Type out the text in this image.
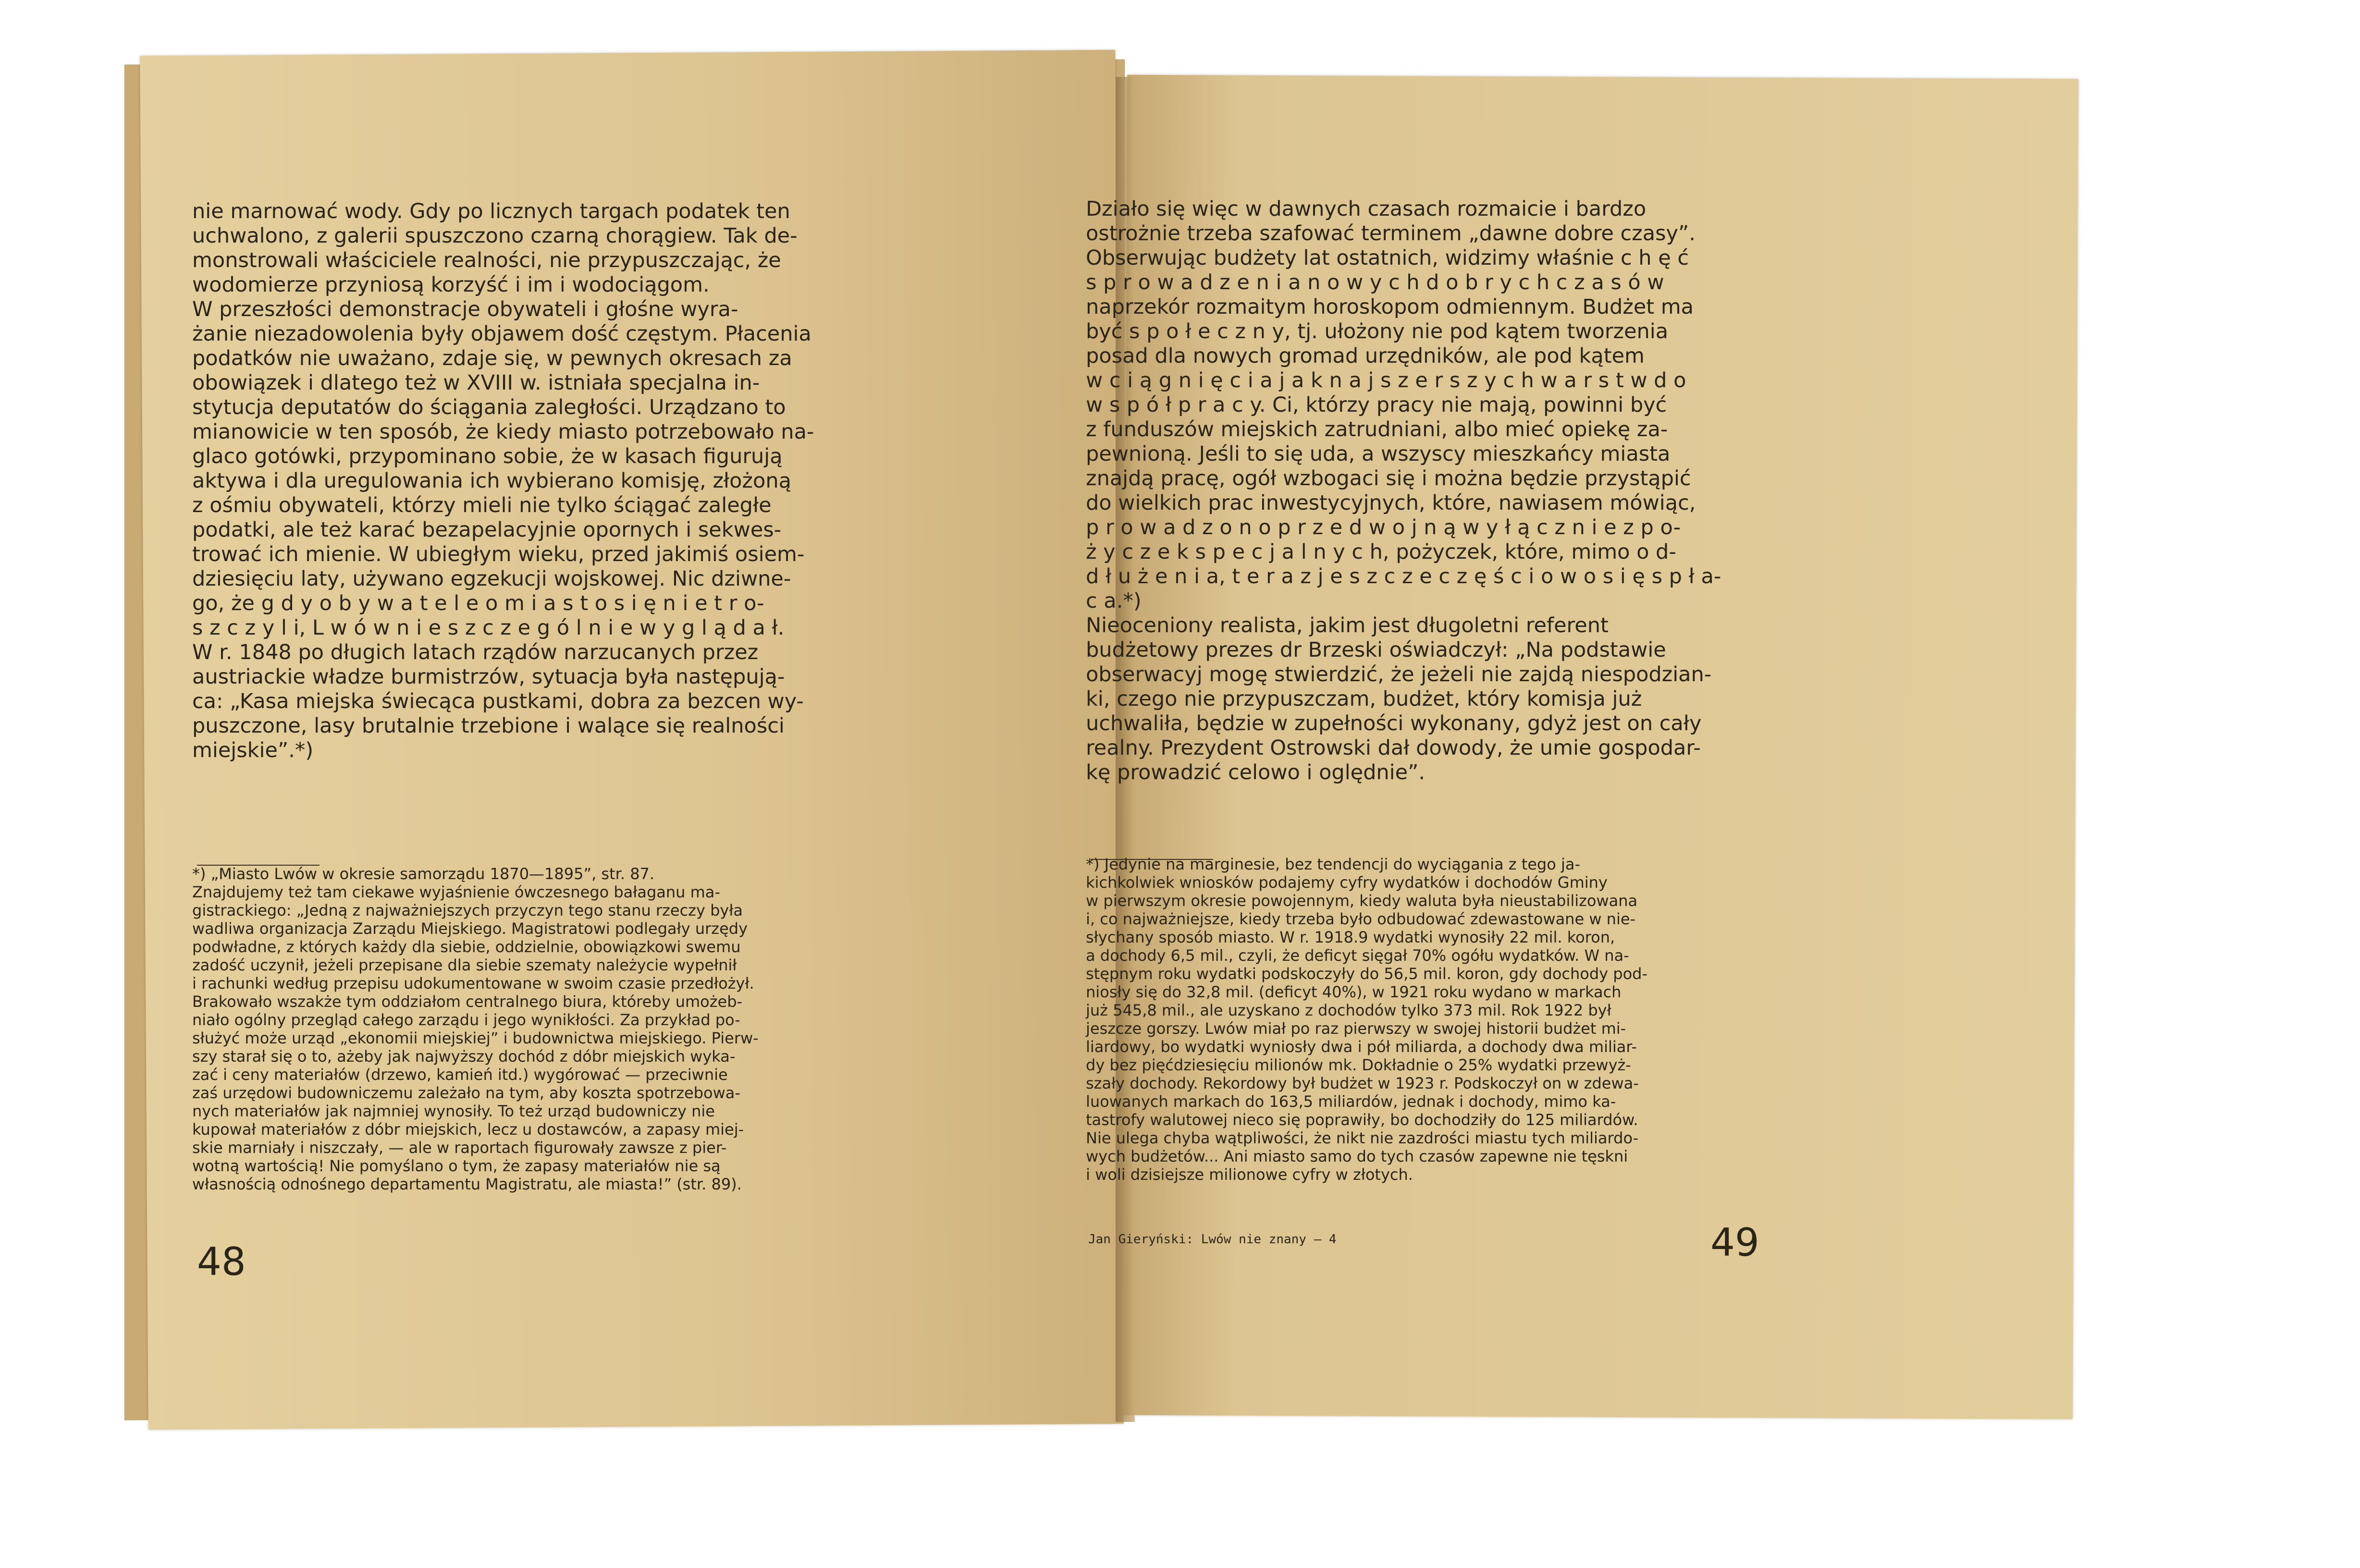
nie marnować wody. Gdy po licznych targach podatek ten
uchwalono, z galerii spuszczono czarną chorągiew. Tak de-
monstrowali właściciele realności, nie przypuszczając, że
wodomierze przyniosą korzyść i im i wodociągom.
W przeszłości demonstracje obywateli i głośne wyra-
żanie niezadowolenia były objawem dość częstym. Płacenia
podatków nie uważano, zdaje się, w pewnych okresach za
obowiązek i dlatego też w XVIII w. istniała specjalna in-
stytucja deputatów do ściągania zaległości. Urządzano to
mianowicie w ten sposób, że kiedy miasto potrzebowało na-
glaco gotówki, przypominano sobie, że w kasach figurują
aktywa i dla uregulowania ich wybierano komisję, złożoną
z ośmiu obywateli, którzy mieli nie tylko ściągać zaległe
podatki, ale też karać bezapelacyjnie opornych i sekwes-
trować ich mienie. W ubiegłym wieku, przed jakimiś osiem-
dziesięciu laty, używano egzekucji wojskowej. Nic dziwne-
go, że g d y o b y w a t e l e o m i a s t o s i ę n i e t r o-
s z c z y l i, L w ó w n i e s z c z e g ó l n i e w y g l ą d a ł.
W r. 1848 po długich latach rządów narzucanych przez
austriackie władze burmistrzów, sytuacja była następują-
ca: „Kasa miejska świecąca pustkami, dobra za bezcen wy-
puszczone, lasy brutalnie trzebione i walące się realności
miejskie”.*)
*) „Miasto Lwów w okresie samorządu 1870—1895”, str. 87.
Znajdujemy też tam ciekawe wyjaśnienie ówczesnego bałaganu ma-
gistrackiego: „Jedną z najważniejszych przyczyn tego stanu rzeczy była
wadliwa organizacja Zarządu Miejskiego. Magistratowi podlegały urzędy
podwładne, z których każdy dla siebie, oddzielnie, obowiązkowi swemu
zadość uczynił, jeżeli przepisane dla siebie szematy należycie wypełnił
i rachunki według przepisu udokumentowane w swoim czasie przedłożył.
Brakowało wszakże tym oddziałom centralnego biura, któreby umożeb-
niało ogólny przegląd całego zarządu i jego wynikłości. Za przykład po-
służyć może urząd „ekonomii miejskiej” i budownictwa miejskiego. Pierw-
szy starał się o to, ażeby jak najwyższy dochód z dóbr miejskich wyka-
zać i ceny materiałów (drzewo, kamień itd.) wygórować — przeciwnie
zaś urzędowi budowniczemu zależało na tym, aby koszta spotrzebowa-
nych materiałów jak najmniej wynosiły. To też urząd budowniczy nie
kupował materiałów z dóbr miejskich, lecz u dostawców, a zapasy miej-
skie marniały i niszczały, — ale w raportach figurowały zawsze z pier-
wotną wartością! Nie pomyślano o tym, że zapasy materiałów nie są
własnością odnośnego departamentu Magistratu, ale miasta!” (str. 89).
48
Działo się więc w dawnych czasach rozmaicie i bardzo
ostrożnie trzeba szafować terminem „dawne dobre czasy”.
Obserwując budżety lat ostatnich, widzimy właśnie c h ę ć
s p r o w a d z e n i a n o w y c h d o b r y c h c z a s ó w
naprzekór rozmaitym horoskopom odmiennym. Budżet ma
być s p o ł e c z n y, tj. ułożony nie pod kątem tworzenia
posad dla nowych gromad urzędników, ale pod kątem
w c i ą g n i ę c i a j a k n a j s z e r s z y c h w a r s t w d o
w s p ó ł p r a c y. Ci, którzy pracy nie mają, powinni być
z funduszów miejskich zatrudniani, albo mieć opiekę za-
pewnioną. Jeśli to się uda, a wszyscy mieszkańcy miasta
znajdą pracę, ogół wzbogaci się i można będzie przystąpić
do wielkich prac inwestycyjnych, które, nawiasem mówiąc,
p r o w a d z o n o p r z e d w o j n ą w y ł ą c z n i e z p o-
ż y c z e k s p e c j a l n y c h, pożyczek, które, mimo o d-
d ł u ż e n i a, t e r a z j e s z c z e c z ę ś c i o w o s i ę s p ł a-
c a.*)
Nieoceniony realista, jakim jest długoletni referent
budżetowy prezes dr Brzeski oświadczył: „Na podstawie
obserwacyj mogę stwierdzić, że jeżeli nie zajdą niespodzian-
ki, czego nie przypuszczam, budżet, który komisja już
uchwaliła, będzie w zupełności wykonany, gdyż jest on cały
realny. Prezydent Ostrowski dał dowody, że umie gospodar-
kę prowadzić celowo i oględnie”.
*) Jedynie na marginesie, bez tendencji do wyciągania z tego ja-
kichkolwiek wniosków podajemy cyfry wydatków i dochodów Gminy
w pierwszym okresie powojennym, kiedy waluta była nieustabilizowana
i, co najważniejsze, kiedy trzeba było odbudować zdewastowane w nie-
słychany sposób miasto. W r. 1918.9 wydatki wynosiły 22 mil. koron,
a dochody 6,5 mil., czyli, że deficyt sięgał 70% ogółu wydatków. W na-
stępnym roku wydatki podskoczyły do 56,5 mil. koron, gdy dochody pod-
niosły się do 32,8 mil. (deficyt 40%), w 1921 roku wydano w markach
już 545,8 mil., ale uzyskano z dochodów tylko 373 mil. Rok 1922 był
jeszcze gorszy. Lwów miał po raz pierwszy w swojej historii budżet mi-
liardowy, bo wydatki wyniosły dwa i pół miliarda, a dochody dwa miliar-
dy bez pięćdziesięciu milionów mk. Dokładnie o 25% wydatki przewyż-
szały dochody. Rekordowy był budżet w 1923 r. Podskoczył on w zdewa-
luowanych markach do 163,5 miliardów, jednak i dochody, mimo ka-
tastrofy walutowej nieco się poprawiły, bo dochodziły do 125 miliardów.
Nie ulega chyba wątpliwości, że nikt nie zazdrości miastu tych miliardo-
wych budżetów... Ani miasto samo do tych czasów zapewne nie tęskni
i woli dzisiejsze milionowe cyfry w złotych.
Jan Gieryński: Lwów nie znany — 4	49
